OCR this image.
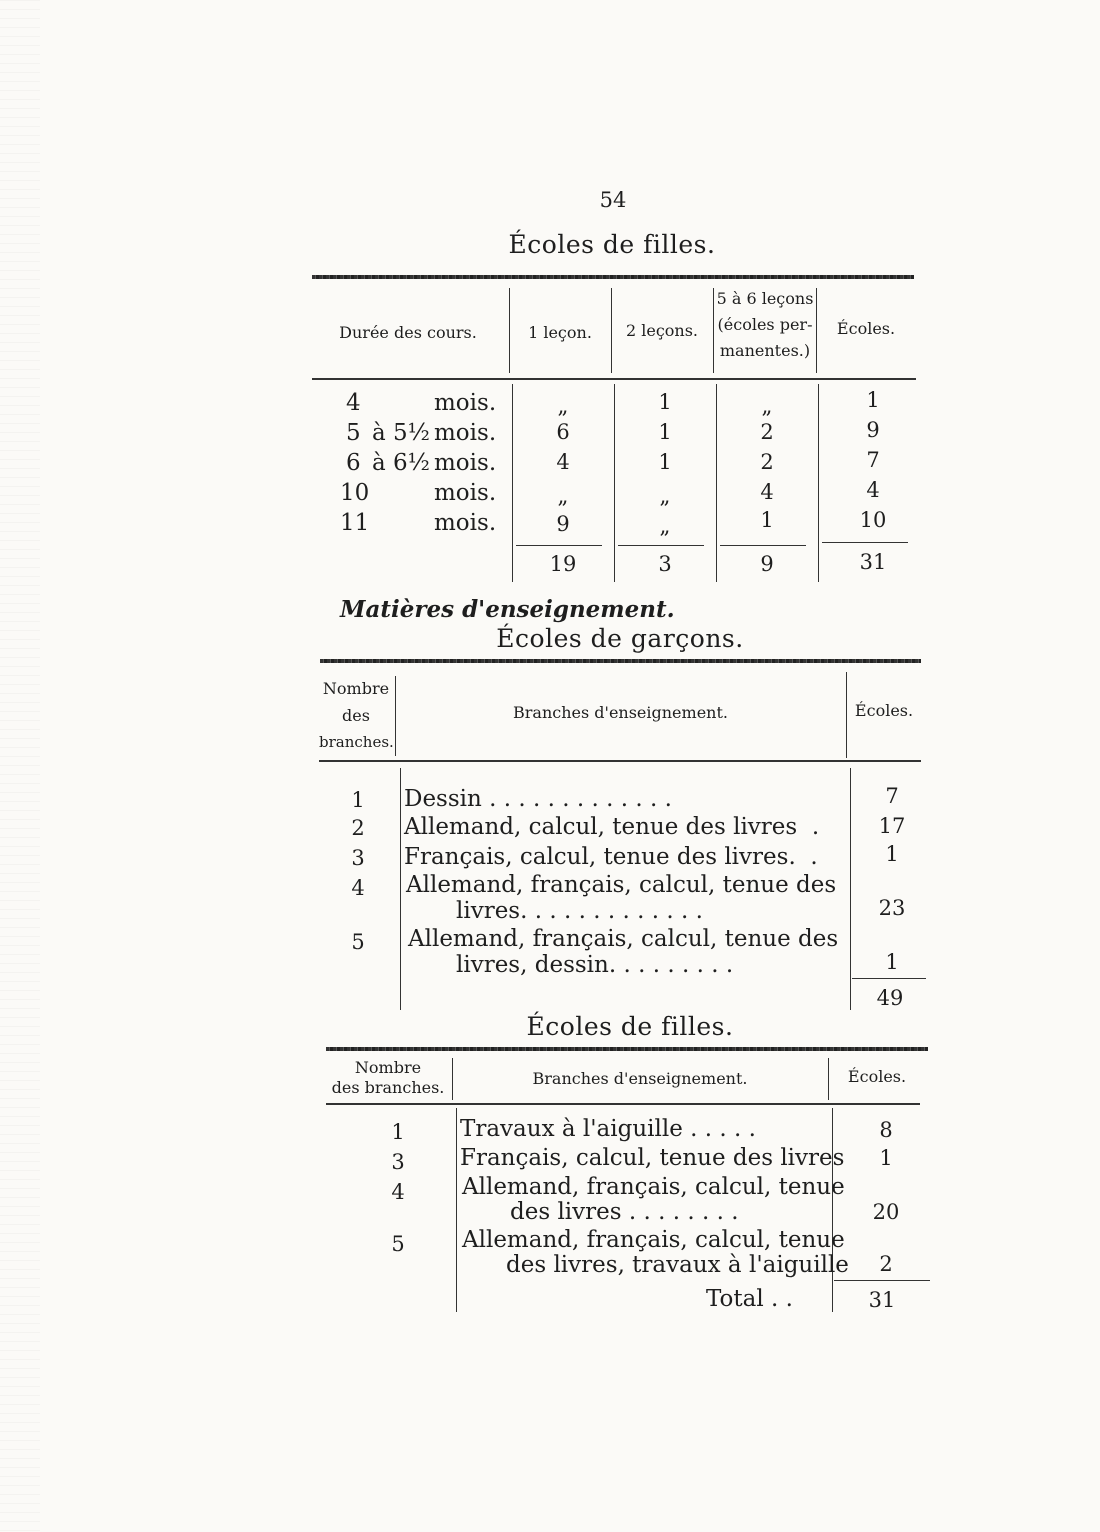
54
Écoles de filles.
Durée des cours.	1 leçon.	2 leçons.
5 à 6 leçons
(écoles per-
manentes.)
Écoles.
4	mois.	„	1	„	1
5 à 5½ mois.	6	1	2	9
6 à 6½ mois.	4	1	2	7
10	mois.	„	„	4	4
11	mois.	9	„	1	10
19	3	9	31
Matières d'enseignement.
Écoles de garçons.
Nombre
des
branches.
Branches d'enseignement.	Écoles.
1	Dessin . . . . . . . . . . . . .	7
2	Allemand, calcul, tenue des livres .	17
3	Français, calcul, tenue des livres. .	1
4	Allemand, français, calcul, tenue des
livres. . . . . . . . . . . . .	23
5	Allemand, français, calcul, tenue des
livres, dessin. . . . . . . . .	1
49
Écoles de filles.
Nombre
des branches.	Branches d'enseignement.	Écoles.
1	Travaux à l'aiguille . . . . .	8
3	Français, calcul, tenue des livres	1
4	Allemand, français, calcul, tenue
des livres . . . . . . . .	20
5	Allemand, français, calcul, tenue
des livres, travaux à l'aiguille	2
Total . .	31
